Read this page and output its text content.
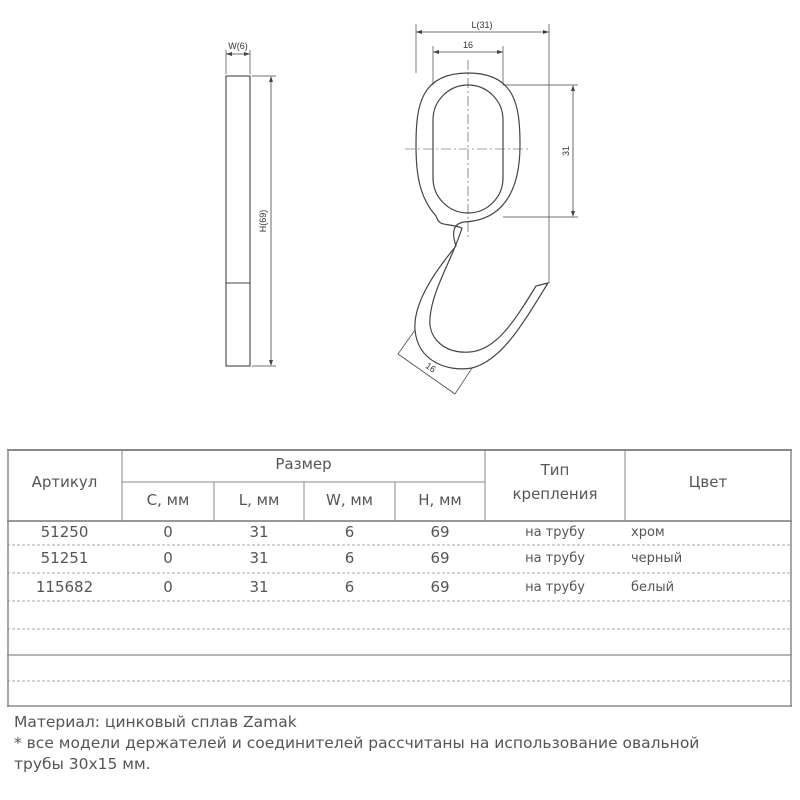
W(6)
H(69)
L(31)
16
31
16
Артикул
Размер
C, мм	L, мм	W, мм	H, мм
Тип
крепления
Цвет
51250	0	31	6	69	на трубу	хром
51251	0	31	6	69	на трубу	черный
115682	0	31	6	69	на трубу	белый
Материал: цинковый сплав Zamak
* все модели держателей и соединителей рассчитаны на использование овальной
трубы 30х15 мм.
